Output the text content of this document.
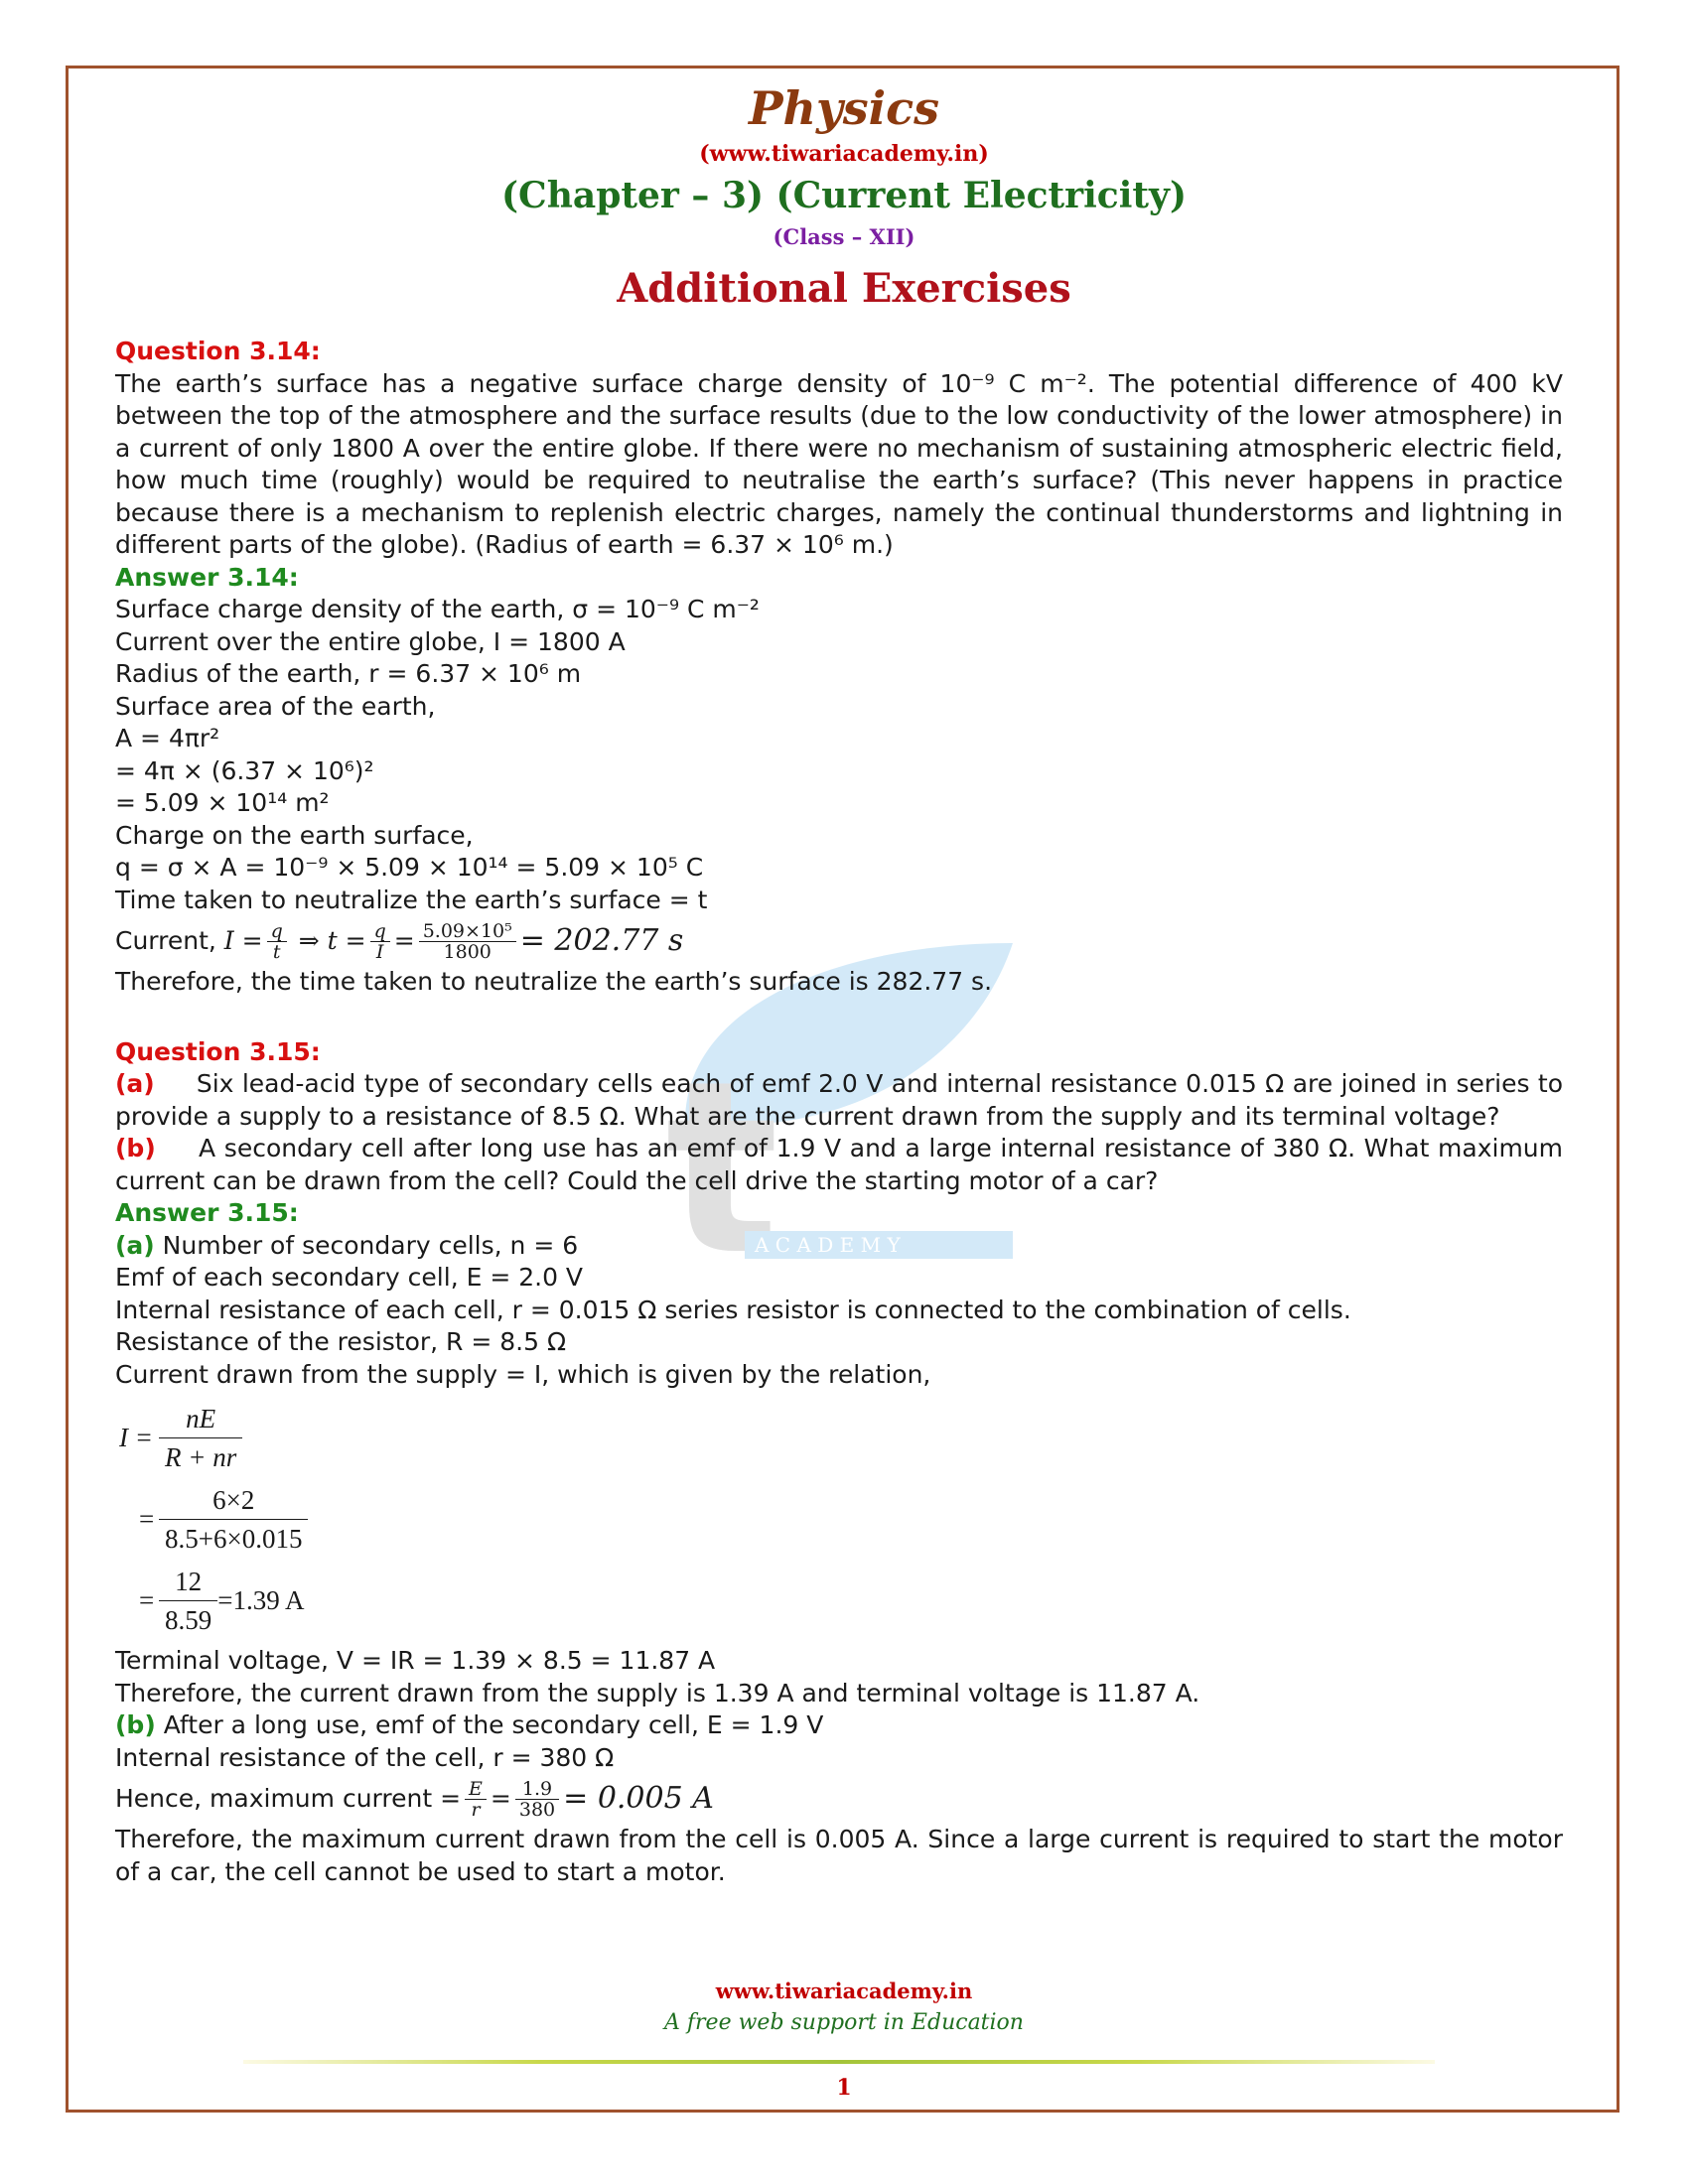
t
A C A D E M Y
Physics
(www.tiwariacademy.in)
(Chapter – 3) (Current Electricity)
(Class – XII)
Additional Exercises
Question 3.14:
The earth’s surface has a negative surface charge density of 10⁻⁹ C m⁻². The potential difference of 400 kV between the top of the atmosphere and the surface results (due to the low conductivity of the lower atmosphere) in a current of only 1800 A over the entire globe. If there were no mechanism of sustaining atmospheric electric field, how much time (roughly) would be required to neutralise the earth’s surface? (This never happens in practice because there is a mechanism to replenish electric charges, namely the continual thunderstorms and lightning in different parts of the globe). (Radius of earth = 6.37 × 10⁶ m.)
Answer 3.14:
Surface charge density of the earth, σ = 10⁻⁹ C m⁻²
Current over the entire globe, I = 1800 A
Radius of the earth, r = 6.37 × 10⁶ m
Surface area of the earth,
A = 4πr²
= 4π × (6.37 × 10⁶)²
= 5.09 × 10¹⁴ m²
Charge on the earth surface,
q = σ × A = 10⁻⁹ × 5.09 × 10¹⁴ = 5.09 × 10⁵ C
Time taken to neutralize the earth’s surface = t
Current, $I = \frac{q}{t}$ ⇒ $t = \frac{q}{I} = \frac{\text{5.09×10⁵}}{1800} = 202.77$ s
Therefore, the time taken to neutralize the earth’s surface is 282.77 s.
Question 3.15:
(a) Six lead-acid type of secondary cells each of emf 2.0 V and internal resistance 0.015 Ω are joined in series to provide a supply to a resistance of 8.5 Ω. What are the current drawn from the supply and its terminal voltage?
(b) A secondary cell after long use has an emf of 1.9 V and a large internal resistance of 380 Ω. What maximum current can be drawn from the cell? Could the cell drive the starting motor of a car?
Answer 3.15:
(a) Number of secondary cells, n = 6
Emf of each secondary cell, E = 2.0 V
Internal resistance of each cell, r = 0.015 Ω series resistor is connected to the combination of cells.
Resistance of the resistor, R = 8.5 Ω
Current drawn from the supply = I, which is given by the relation,
$I = \frac{nE}{R + nr}$
= $\frac{6\times 2}{8.5+6\times 0.015}$
= $\frac{12}{8.59} =1.39$ A
Terminal voltage, V = IR = 1.39 × 8.5 = 11.87 A
Therefore, the current drawn from the supply is 1.39 A and terminal voltage is 11.87 A.
(b) After a long use, emf of the secondary cell, E = 1.9 V
Internal resistance of the cell, r = 380 Ω
Hence, maximum current = $\frac{E}{r} = \frac{1.9}{380} = 0.005$ A
Therefore, the maximum current drawn from the cell is 0.005 A. Since a large current is required to start the motor of a car, the cell cannot be used to start a motor.
www.tiwariacademy.in
A free web support in Education
1
